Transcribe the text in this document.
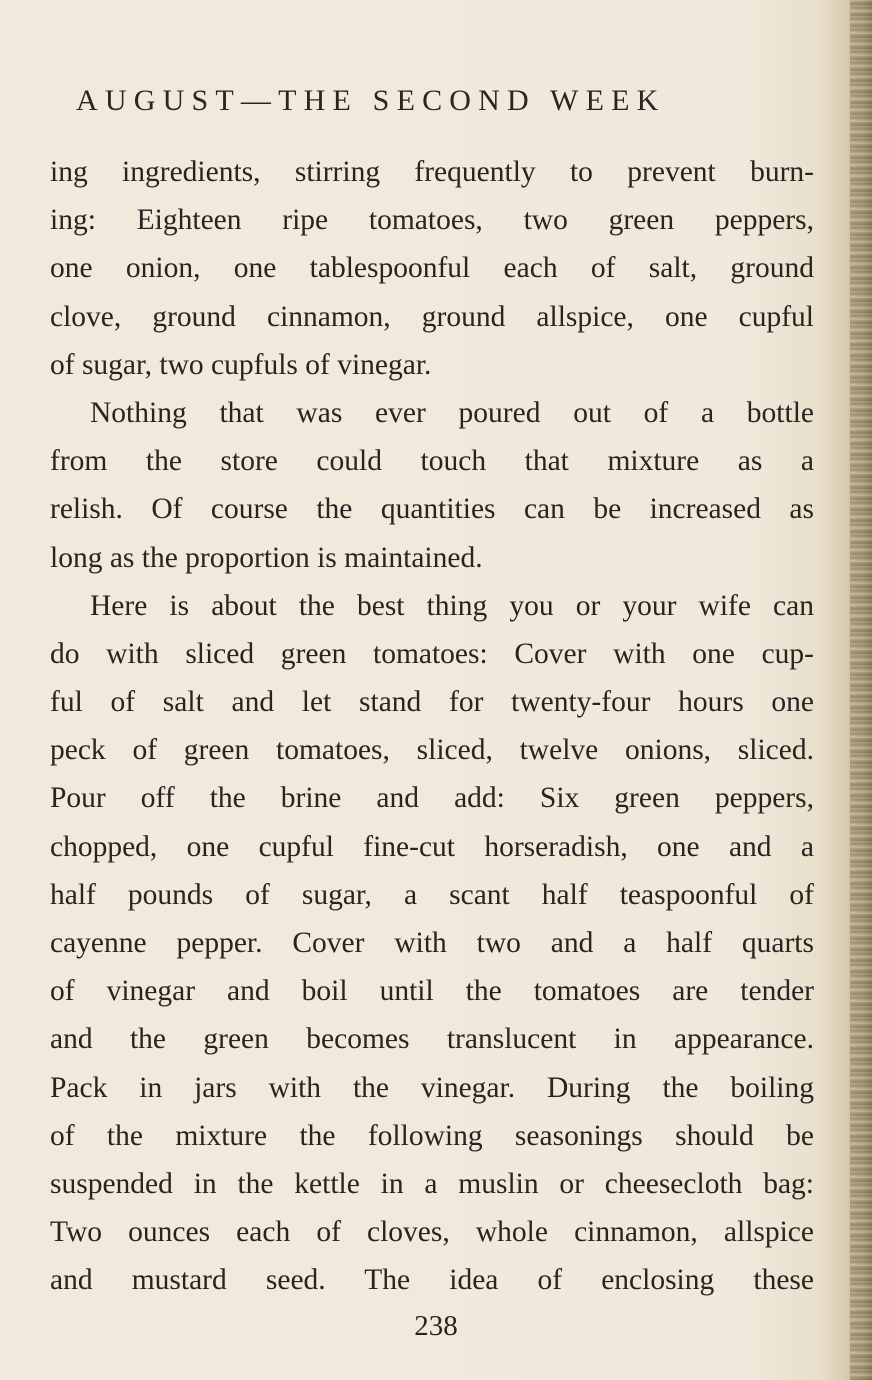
AUGUST—THE SECOND WEEK
ing ingredients, stirring frequently to prevent burn-
ing: Eighteen ripe tomatoes, two green peppers,
one onion, one tablespoonful each of salt, ground
clove, ground cinnamon, ground allspice, one cupful
of sugar, two cupfuls of vinegar.
Nothing that was ever poured out of a bottle
from the store could touch that mixture as a
relish. Of course the quantities can be increased as
long as the proportion is maintained.
Here is about the best thing you or your wife can
do with sliced green tomatoes: Cover with one cup-
ful of salt and let stand for twenty-four hours one
peck of green tomatoes, sliced, twelve onions, sliced.
Pour off the brine and add: Six green peppers,
chopped, one cupful fine-cut horseradish, one and a
half pounds of sugar, a scant half teaspoonful of
cayenne pepper. Cover with two and a half quarts
of vinegar and boil until the tomatoes are tender
and the green becomes translucent in appearance.
Pack in jars with the vinegar. During the boiling
of the mixture the following seasonings should be
suspended in the kettle in a muslin or cheesecloth bag:
Two ounces each of cloves, whole cinnamon, allspice
and mustard seed. The idea of enclosing these
238
